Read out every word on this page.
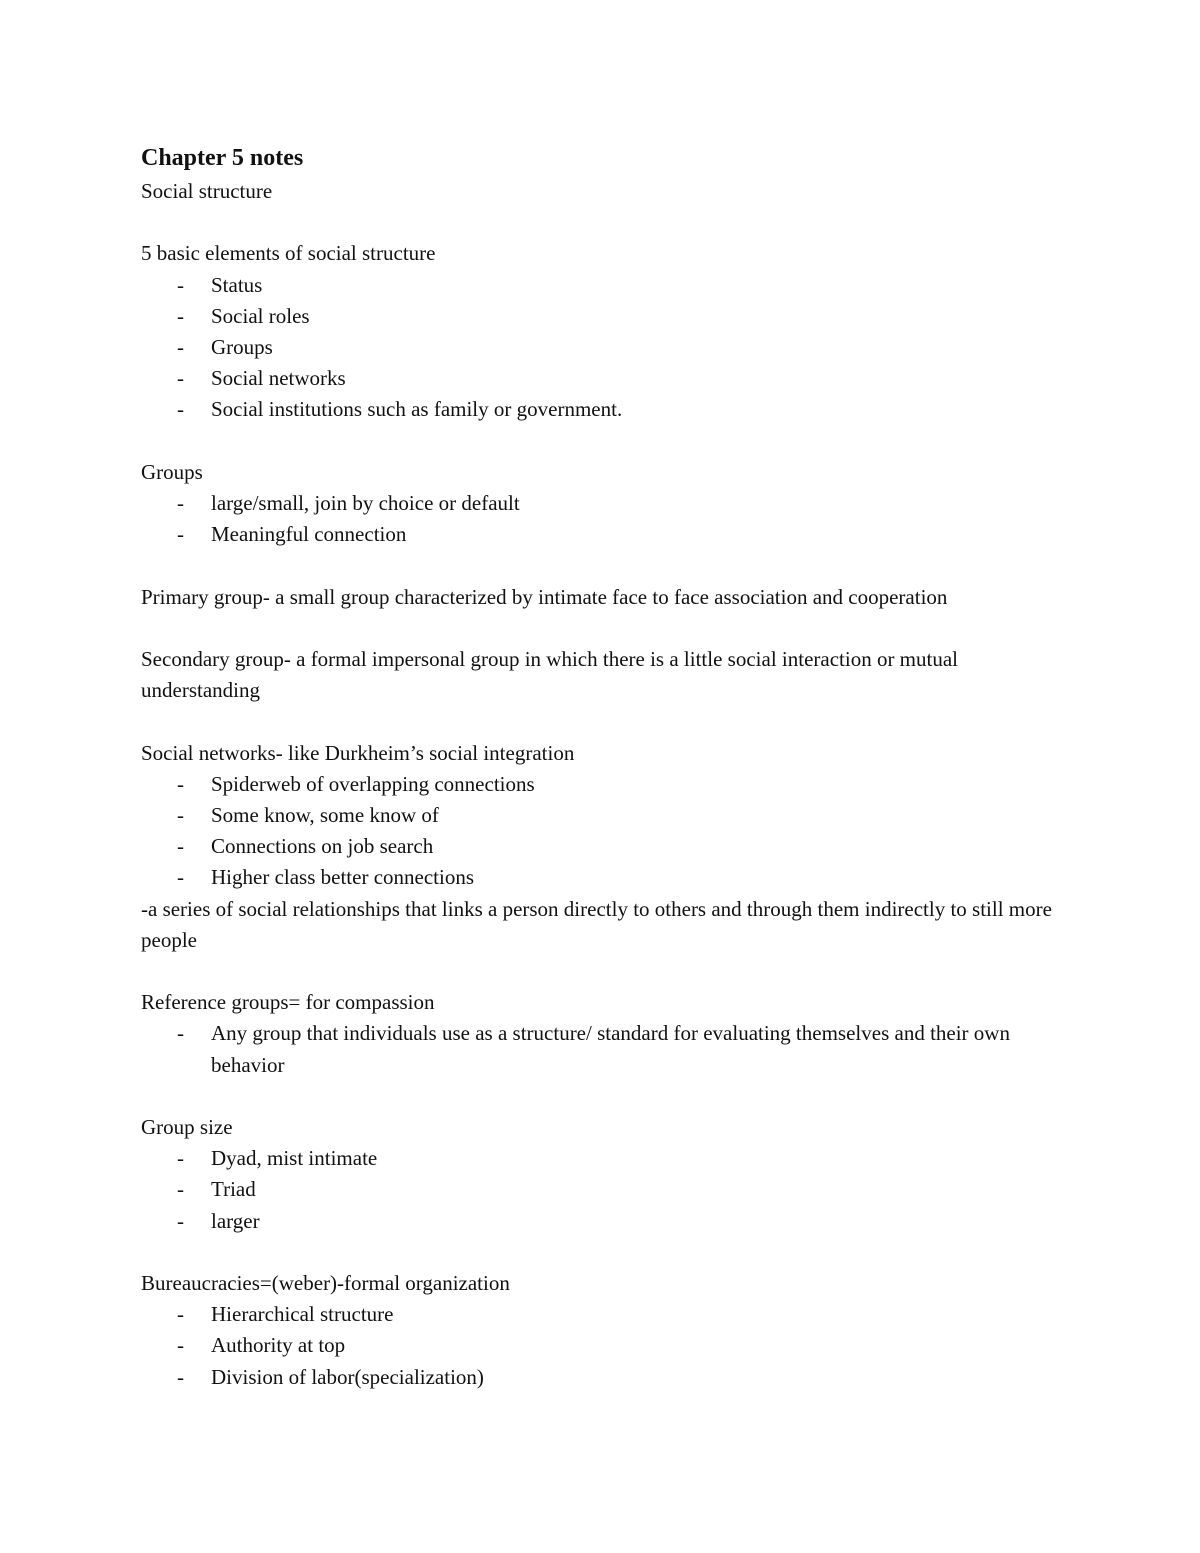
Chapter 5 notes
Social structure
5 basic elements of social structure
- Status
- Social roles
- Groups
- Social networks
- Social institutions such as family or government.
Groups
- large/small, join by choice or default
- Meaningful connection
Primary group- a small group characterized by intimate face to face association and cooperation
Secondary group- a formal impersonal group in which there is a little social interaction or mutual understanding
Social networks- like Durkheim’s social integration
- Spiderweb of overlapping connections
- Some know, some know of
- Connections on job search
- Higher class better connections
-a series of social relationships that links a person directly to others and through them indirectly to still more people
Reference groups= for compassion
- Any group that individuals use as a structure/ standard for evaluating themselves and their own behavior
Group size
- Dyad, mist intimate
- Triad
- larger
Bureaucracies=(weber)-formal organization
- Hierarchical structure
- Authority at top
- Division of labor(specialization)
